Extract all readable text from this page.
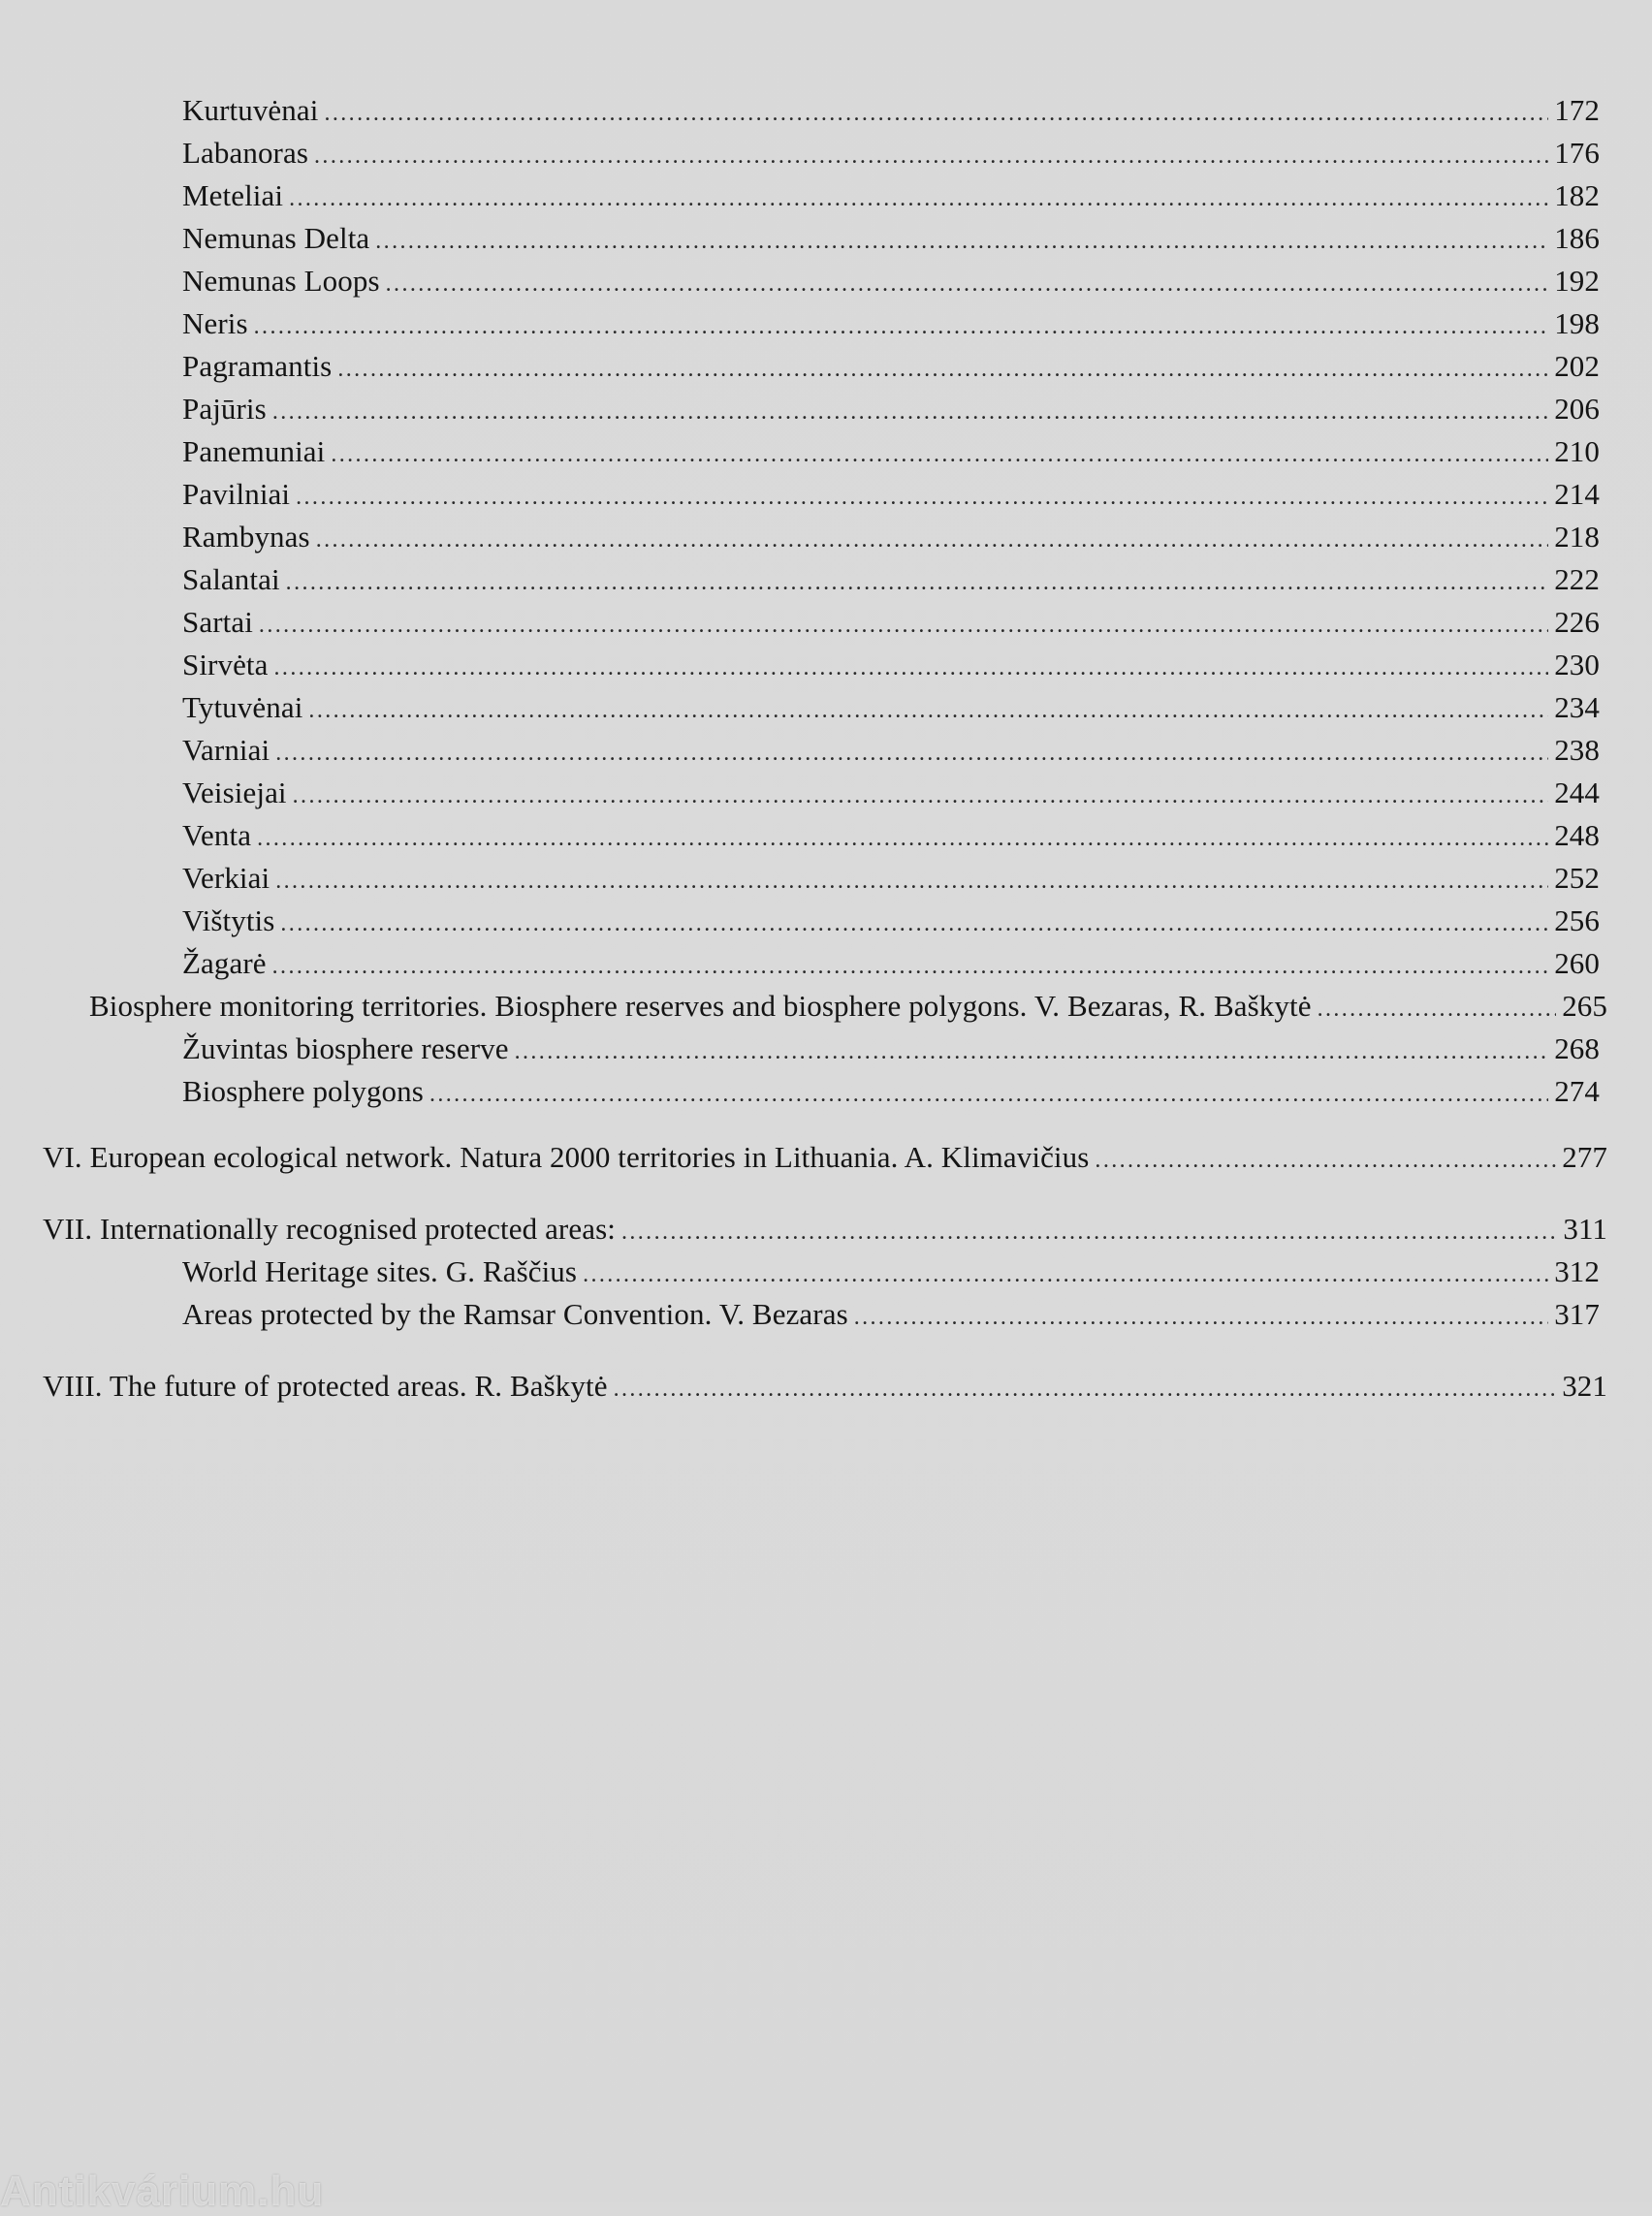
Kurtuvėnai .....	172
Labanoras .....	176
Meteliai .....	182
Nemunas Delta .....	186
Nemunas Loops .....	192
Neris .....	198
Pagramantis .....	202
Pajūris .....	206
Panemuniai .....	210
Pavilniai .....	214
Rambynas .....	218
Salantai .....	222
Sartai .....	226
Sirvėta .....	230
Tytuvėnai .....	234
Varniai .....	238
Veisiejai .....	244
Venta .....	248
Verkiai .....	252
Vištytis .....	256
Žagarė .....	260
Biosphere monitoring territories. Biosphere reserves and biosphere polygons. V. Bezaras, R. Baškytė .....	265
Žuvintas biosphere reserve .....	268
Biosphere polygons .....	274
VI. European ecological network. Natura 2000 territories in Lithuania. A. Klimavičius .....	277
VII. Internationally recognised protected areas: .....	311
World Heritage sites. G. Raščius .....	312
Areas protected by the Ramsar Convention. V. Bezaras .....	317
VIII. The future of protected areas. R. Baškytė .....	321
Antikvárium.hu
